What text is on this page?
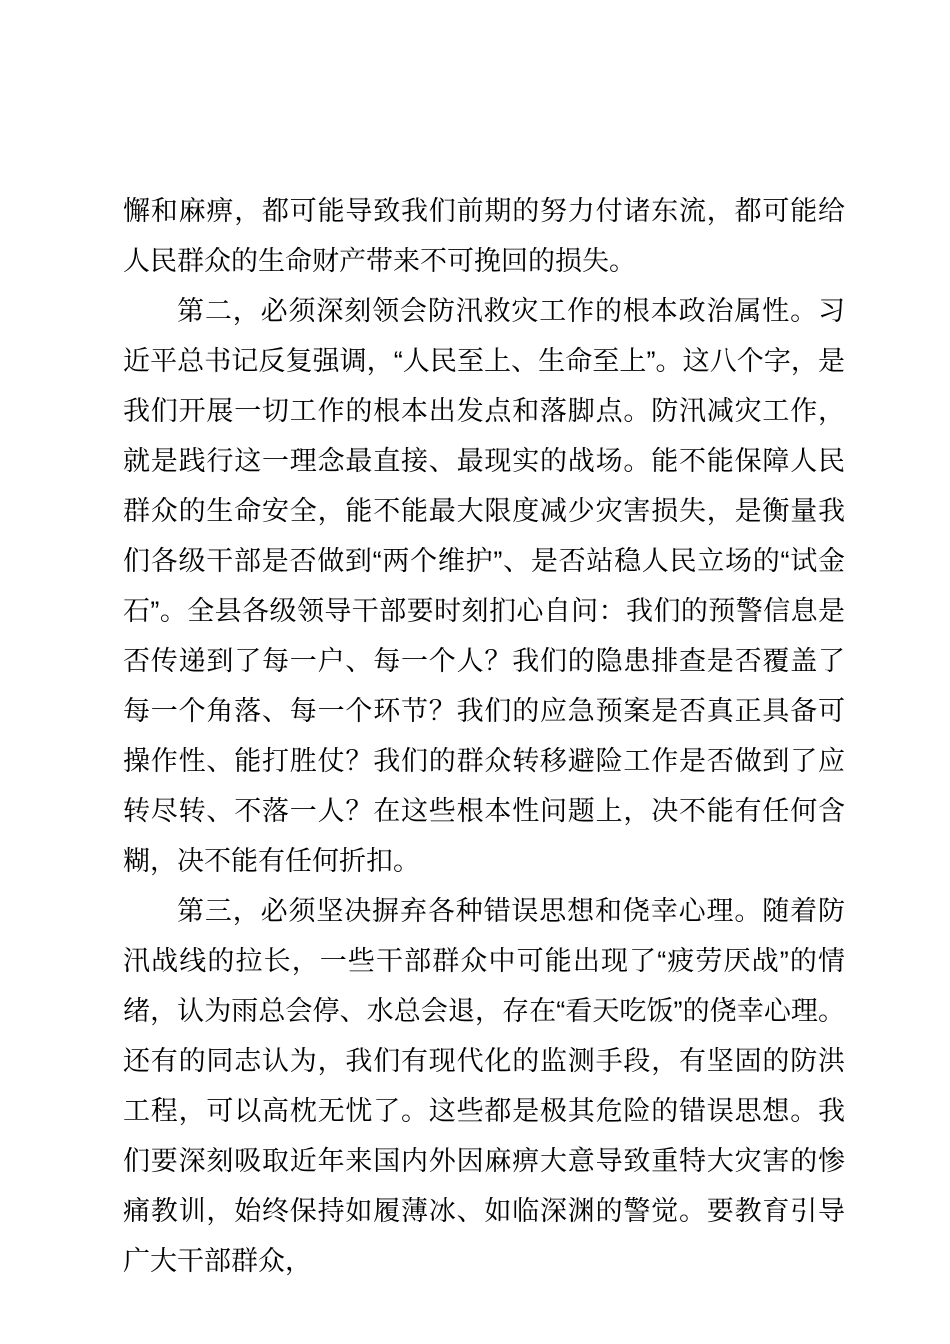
懈和麻痹，都可能导致我们前期的努力付诸东流，都可能给人民群众的生命财产带来不可挽回的损失。

第二，必须深刻领会防汛救灾工作的根本政治属性。习近平总书记反复强调，“人民至上、生命至上”。这八个字，是我们开展一切工作的根本出发点和落脚点。防汛减灾工作，就是践行这一理念最直接、最现实的战场。能不能保障人民群众的生命安全，能不能最大限度减少灾害损失，是衡量我们各级干部是否做到“两个维护”、是否站稳人民立场的“试金石”。全县各级领导干部要时刻扪心自问：我们的预警信息是否传递到了每一户、每一个人？我们的隐患排查是否覆盖了每一个角落、每一个环节？我们的应急预案是否真正具备可操作性、能打胜仗？我们的群众转移避险工作是否做到了应转尽转、不落一人？在这些根本性问题上，决不能有任何含糊，决不能有任何折扣。

第三，必须坚决摒弃各种错误思想和侥幸心理。随着防汛战线的拉长，一些干部群众中可能出现了“疲劳厌战”的情绪，认为雨总会停、水总会退，存在“看天吃饭”的侥幸心理。还有的同志认为，我们有现代化的监测手段，有坚固的防洪工程，可以高枕无忧了。这些都是极其危险的错误思想。我们要深刻吸取近年来国内外因麻痹大意导致重特大灾害的惨痛教训，始终保持如履薄冰、如临深渊的警觉。要教育引导广大干部群众，
